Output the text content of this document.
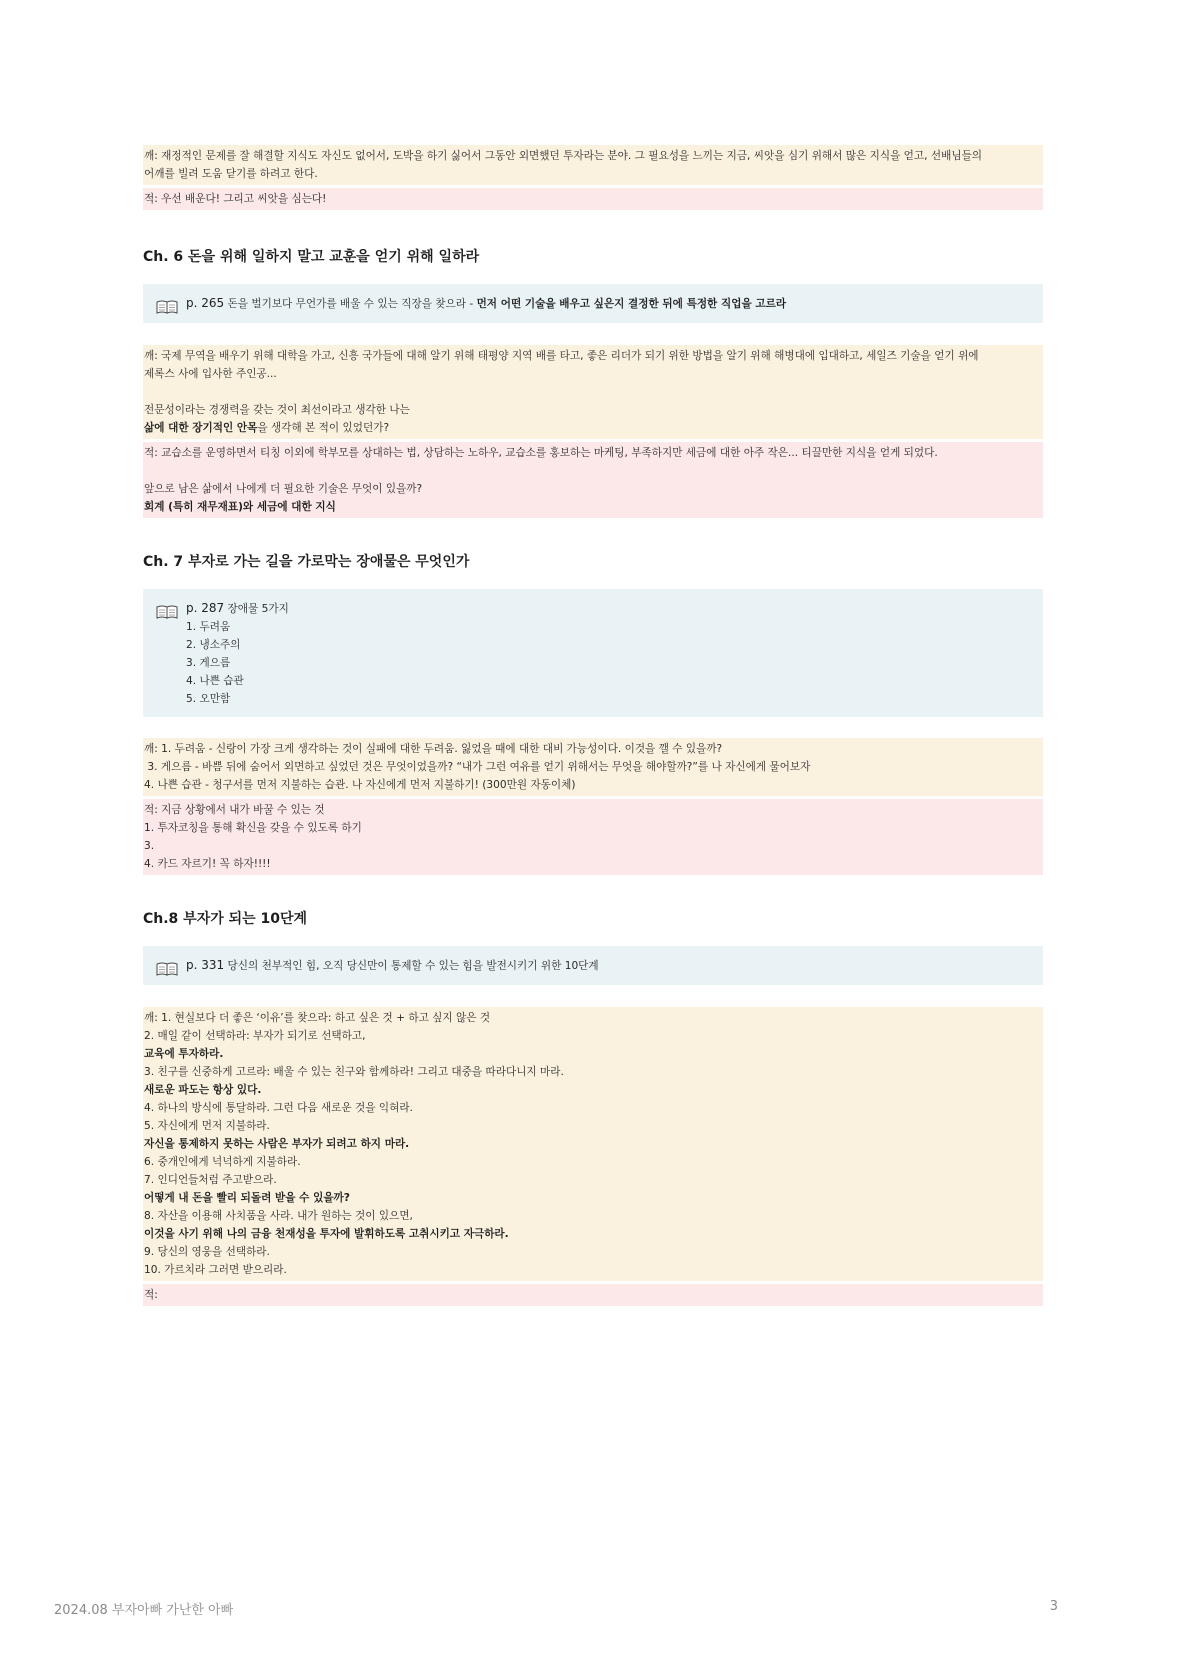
깨: 재정적인 문제를 잘 해결할 지식도 자신도 없어서, 도박을 하기 싫어서 그동안 외면했던 투자라는 분야. 그 필요성을 느끼는 지금, 씨앗을 심기 위해서 많은 지식을 얻고, 선배님들의
어깨를 빌려 도움 닫기를 하려고 한다.
적: 우선 배운다! 그리고 씨앗을 심는다!
Ch. 6 돈을 위해 일하지 말고 교훈을 얻기 위해 일하라
p. 265 돈을 벌기보다 무언가를 배울 수 있는 직장을 찾으라 - 먼저 어떤 기술을 배우고 싶은지 결정한 뒤에 특정한 직업을 고르라
깨: 국제 무역을 배우기 위해 대학을 가고, 신흥 국가들에 대해 알기 위해 태평양 지역 배를 타고, 좋은 리더가 되기 위한 방법을 알기 위해 해병대에 입대하고, 세일즈 기술을 얻기 위에
제록스 사에 입사한 주인공...
전문성이라는 경쟁력을 갖는 것이 최선이라고 생각한 나는
삶에 대한 장기적인 안목을 생각해 본 적이 있었던가?
적: 교습소를 운영하면서 티칭 이외에 학부모를 상대하는 법, 상담하는 노하우, 교습소를 홍보하는 마케팅, 부족하지만 세금에 대한 아주 작은... 티끌만한 지식을 얻게 되었다.
앞으로 남은 삶에서 나에게 더 필요한 기술은 무엇이 있을까?
회계 (특히 재무재표)와 세금에 대한 지식
Ch. 7 부자로 가는 길을 가로막는 장애물은 무엇인가
p. 287 장애물 5가지
1. 두려움
2. 냉소주의
3. 게으름
4. 나쁜 습관
5. 오만함
깨: 1. 두려움 - 신랑이 가장 크게 생각하는 것이 실패에 대한 두려움. 잃었을 때에 대한 대비 가능성이다. 이것을 깰 수 있을까?
3. 게으름 - 바쁨 뒤에 숨어서 외면하고 싶었던 것은 무엇이었을까? “내가 그런 여유를 얻기 위해서는 무엇을 해야할까?”를 나 자신에게 물어보자
4. 나쁜 습관 - 청구서를 먼저 지불하는 습관. 나 자신에게 먼저 지불하기! (300만원 자동이체)
적: 지금 상황에서 내가 바꿀 수 있는 것
1. 투자코칭을 통해 확신을 갖을 수 있도록 하기
3.
4. 카드 자르기! 꼭 하자!!!!
Ch.8 부자가 되는 10단계
p. 331 당신의 천부적인 힘, 오직 당신만이 통제할 수 있는 힘을 발전시키기 위한 10단계
깨: 1. 현실보다 더 좋은 ‘이유’를 찾으라: 하고 싶은 것 + 하고 싶지 않은 것
2. 매일 같이 선택하라: 부자가 되기로 선택하고,
교육에 투자하라.
3. 친구를 신중하게 고르라: 배울 수 있는 친구와 함께하라! 그리고 대중을 따라다니지 마라.
새로운 파도는 항상 있다.
4. 하나의 방식에 통달하라. 그런 다음 새로운 것을 익혀라.
5. 자신에게 먼저 지불하라.
자신을 통제하지 못하는 사람은 부자가 되려고 하지 마라.
6. 중개인에게 넉넉하게 지불하라.
7. 인디언들처럼 주고받으라.
어떻게 내 돈을 빨리 되돌려 받을 수 있을까?
8. 자산을 이용해 사치품을 사라. 내가 원하는 것이 있으면,
이것을 사기 위해 나의 금융 천재성을 투자에 발휘하도록 고취시키고 자극하라.
9. 당신의 영웅을 선택하라.
10. 가르치라 그러면 받으리라.
적:
2024.08 부자아빠 가난한 아빠	3
